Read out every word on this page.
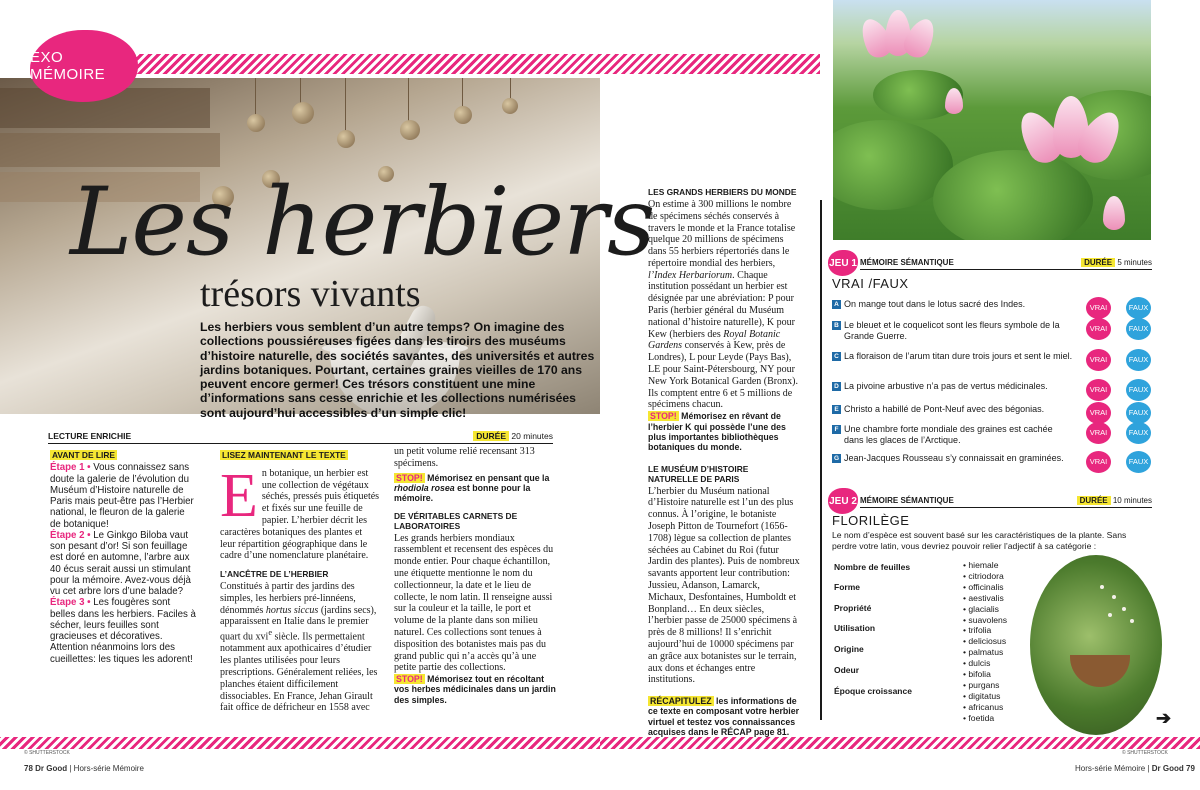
EXO MÉMOIRE
Les herbiers
trésors vivants
Les herbiers vous semblent d’un autre temps? On imagine des collections poussiéreuses figées dans les tiroirs des muséums d’histoire naturelle, des sociétés savantes, des universités et autres jardins botaniques. Pourtant, certaines graines vieilles de 170 ans peuvent encore germer! Ces trésors constituent une mine d’informations sans cesse enrichie et les collections numérisées sont aujourd’hui accessibles d’un simple clic!
LECTURE ENRICHIE	DURÉE 20 minutes
AVANT DE LIRE

Étape 1 • Vous connaissez sans doute la galerie de l’évolution du Muséum d’Histoire naturelle de Paris mais peut-être pas l’Herbier national, le fleuron de la galerie de botanique!

Étape 2 • Le Ginkgo Biloba vaut son pesant d’or! Si son feuillage est doré en automne, l’arbre aux 40 écus serait aussi un stimulant pour la mémoire. Avez-vous déjà vu cet arbre lors d’une balade?

Étape 3 • Les fougères sont belles dans les herbiers. Faciles à sécher, leurs feuilles sont gracieuses et décoratives. Attention néanmoins lors des cueillettes: les tiques les adorent!

LISEZ MAINTENANT LE TEXTE

En botanique, un herbier est une collection de végétaux séchés, pressés puis étiquetés et fixés sur une feuille de papier. L’herbier décrit les caractères botaniques des plantes et leur répartition géographique dans le cadre d’une nomenclature planétaire.

L’ANCÊTRE DE L’HERBIER

Constitués à partir des jardins des simples, les herbiers pré-linnéens, dénommés hortus siccus (jardins secs), apparaissent en Italie dans le premier quart du xvi$^e$ siècle. Ils permettaient notamment aux apothicaires d’étudier les plantes utilisées pour leurs prescriptions. Généralement reliées, les planches étaient difficilement dissociables. En France, Jehan Girault fait office de défricheur en 1558 avec

un petit volume relié recensant 313 spécimens.

STOP! Mémorisez en pensant que la rhodiola rosea est bonne pour la mémoire.

DE VÉRITABLES CARNETS DE LABORATOIRES

Les grands herbiers mondiaux rassemblent et recensent des espèces du monde entier. Pour chaque échantillon, une étiquette mentionne le nom du collectionneur, la date et le lieu de collecte, le nom latin. Il renseigne aussi sur la couleur et la taille, le port et volume de la plante dans son milieu naturel. Ces collections sont tenues à disposition des botanistes mais pas du grand public qui n’a accès qu’à une petite partie des collections.

STOP! Mémorisez tout en récoltant vos herbes médicinales dans un jardin des simples.

LES GRANDS HERBIERS DU MONDE

On estime à 300 millions le nombre de spécimens séchés conservés à travers le monde et la France totalise quelque 20 millions de spécimens dans 55 herbiers répertoriés dans le répertoire mondial des herbiers, l’Index Herbariorum. Chaque institution possédant un herbier est désignée par une abréviation: P pour Paris (herbier général du Muséum national d’histoire naturelle), K pour Kew (herbiers des Royal Botanic Gardens conservés à Kew, près de Londres), L pour Leyde (Pays Bas), LE pour Saint-Pétersbourg, NY pour New York Botanical Garden (Bronx). Ils comptent entre 6 et 5 millions de spécimens chacun.

STOP! Mémorisez en rêvant de l’herbier K qui possède l’une des plus importantes bibliothèques botaniques du monde.

LE MUSÉUM D’HISTOIRE NATURELLE DE PARIS

L’herbier du Muséum national d’Histoire naturelle est l’un des plus connus. À l’origine, le botaniste Joseph Pitton de Tournefort (1656-1708) lègue sa collection de plantes séchées au Cabinet du Roi (futur Jardin des plantes). Puis de nombreux savants apportent leur contribution: Jussieu, Adanson, Lamarck, Michaux, Desfontaines, Humboldt et Bonpland… En deux siècles, l’herbier passe de 25000 spécimens à près de 8 millions! Il s’enrichit aujourd’hui de 10000 spécimens par an grâce aux botanistes sur le terrain, aux dons et échanges entre institutions.

RÉCAPITULEZ les informations de ce texte en composant votre herbier virtuel et testez vos connaissances acquises dans le RÉCAP page 81.

JEU 1 MÉMOIRE SÉMANTIQUE	DURÉE 5 minutes
VRAI /FAUX
A On mange tout dans le lotus sacré des Indes.	VRAI	FAUX
B Le bleuet et le coquelicot sont les fleurs symbole de la Grande Guerre.
VRAI	FAUX
C La floraison de l’arum titan dure trois jours et sent le miel.	VRAI	FAUX
D La pivoine arbustive n’a pas de vertus médicinales.	VRAI	FAUX
E Christo a habillé de Pont-Neuf avec des bégonias.	VRAI	FAUX
F Une chambre forte mondiale des graines est cachée dans les glaces de l’Arctique.
VRAI	FAUX
G Jean-Jacques Rousseau s’y connaissait en graminées.	VRAI	FAUX
JEU 2 MÉMOIRE SÉMANTIQUE	DURÉE 10 minutes
FLORILÈGE
Le nom d’espèce est souvent basé sur les caractéristiques de la plante. Sans perdre votre latin, vous devriez pouvoir relier l’adjectif à sa catégorie :
Nombre de feuilles
Forme
Propriété
Utilisation
Origine
Odeur
Époque croissance
• hiemale
• citriodora
• officinalis
• aestivalis
• glacialis
• suavolens
• trifolia
• deliciosus
• palmatus
• dulcis
• bifolia
• purgans
• digitatus
• africanus
• foetida	➔
© SHUTTERSTOCK	© SHUTTERSTOCK
78 Dr Good | Hors-série Mémoire	Hors-série Mémoire | Dr Good 79
